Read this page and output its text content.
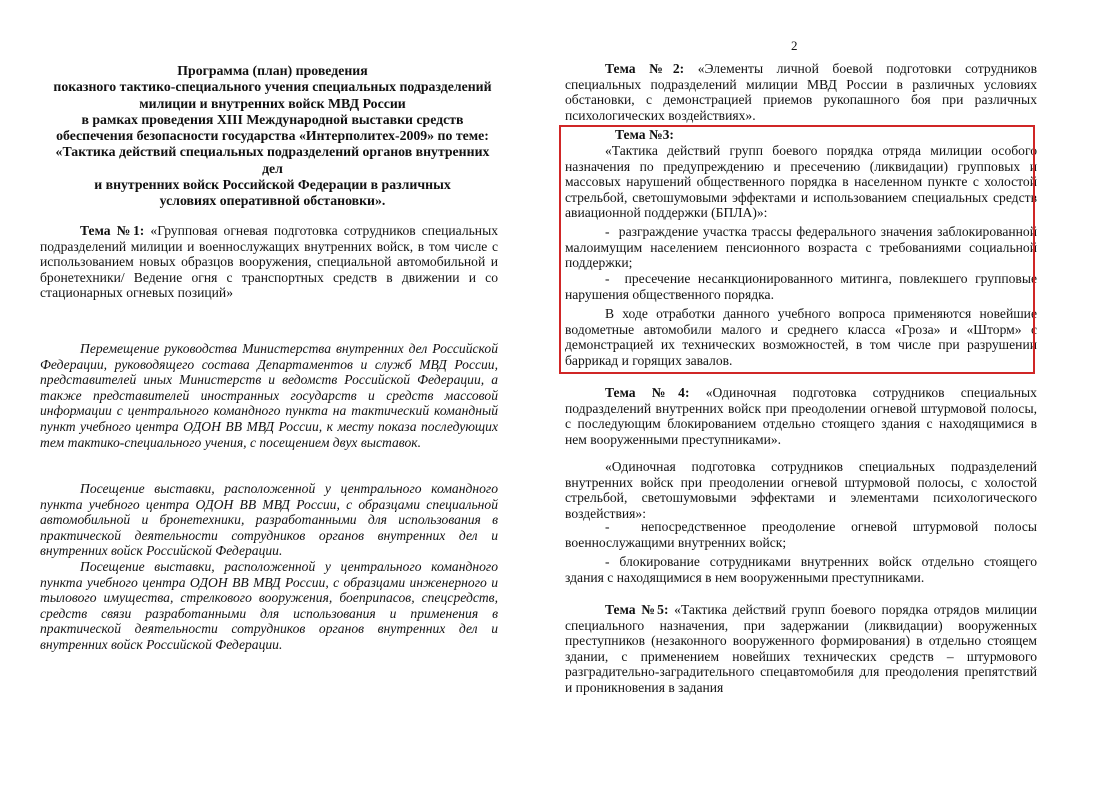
Программа (план) проведения
показного тактико-специального учения специальных подразделений
милиции и внутренних войск МВД России
в рамках проведения XIII Международной выставки средств
обеспечения безопасности государства «Интерполитех-2009» по теме:
«Тактика действий специальных подразделений органов внутренних
дел
и внутренних войск Российской Федерации в различных
условиях оперативной обстановки».

Тема №1: «Групповая огневая подготовка сотрудников специальных подразделений милиции и военнослужащих внутренних войск, в том числе с использованием новых образцов вооружения, специальной автомобильной и бронетехники/ Ведение огня с транспортных средств в движении и со стационарных огневых позиций»

Перемещение руководства Министерства внутренних дел Российской Федерации, руководящего состава Департаментов и служб МВД России, представителей иных Министерств и ведомств Российской Федерации, а также представителей иностранных государств и средств массовой информации с центрального командного пункта на тактический командный пункт учебного центра ОДОН ВВ МВД России, к месту показа последующих тем тактико-специального учения, с посещением двух выставок.

Посещение выставки, расположенной у центрального командного пункта учебного центра ОДОН ВВ МВД России, с образцами специальной автомобильной и бронетехники, разработанными для использования в практической деятельности сотрудников органов внутренних дел и внутренних войск Российской Федерации.

Посещение выставки, расположенной у центрального командного пункта учебного центра ОДОН ВВ МВД России, с образцами инженерного и тылового имущества, стрелкового вооружения, боеприпасов, спецсредств, средств связи разработанными для использования и применения в практической деятельности сотрудников органов внутренних дел и внутренних войск Российской Федерации.

2

Тема №2: «Элементы личной боевой подготовки сотрудников специальных подразделений милиции МВД России в различных условиях обстановки, с демонстрацией приемов рукопашного боя при различных психологических воздействиях».

Тема №3:

«Тактика действий групп боевого порядка отряда милиции особого назначения по предупреждению и пресечению (ликвидации) групповых и массовых нарушений общественного порядка в населенном пункте с холостой стрельбой, светошумовыми эффектами и использованием специальных средств авиационной поддержки (БПЛА)»:

-  разграждение участка трассы федерального значения заблокированной малоимущим населением пенсионного возраста с требованиями социальной поддержки;

-  пресечение несанкционированного митинга, повлекшего групповые нарушения общественного порядка.

В ходе отработки данного учебного вопроса применяются новейшие водометные автомобили малого и среднего класса «Гроза» и «Шторм» с демонстрацией их технических возможностей, в том числе при разрушении баррикад и горящих завалов.

Тема №4: «Одиночная подготовка сотрудников специальных подразделений внутренних войск при преодолении огневой штурмовой полосы, с последующим блокированием отдельно стоящего здания с находящимися в нем вооруженными преступниками».

«Одиночная подготовка сотрудников специальных подразделений внутренних войск при преодолении огневой штурмовой полосы, с холостой стрельбой, светошумовыми эффектами и элементами психологического воздействия»:

-  непосредственное преодоление огневой штурмовой полосы военнослужащими внутренних войск;

- блокирование сотрудниками внутренних войск отдельно стоящего здания с находящимися в нем вооруженными преступниками.

Тема №5: «Тактика действий групп боевого порядка отрядов милиции специального назначения, при задержании (ликвидации) вооруженных преступников (незаконного вооруженного формирования) в отдельно стоящем здании, с применением новейших технических средств – штурмового разградительно-заградительного спецавтомобиля для преодоления препятствий и проникновения в задания
